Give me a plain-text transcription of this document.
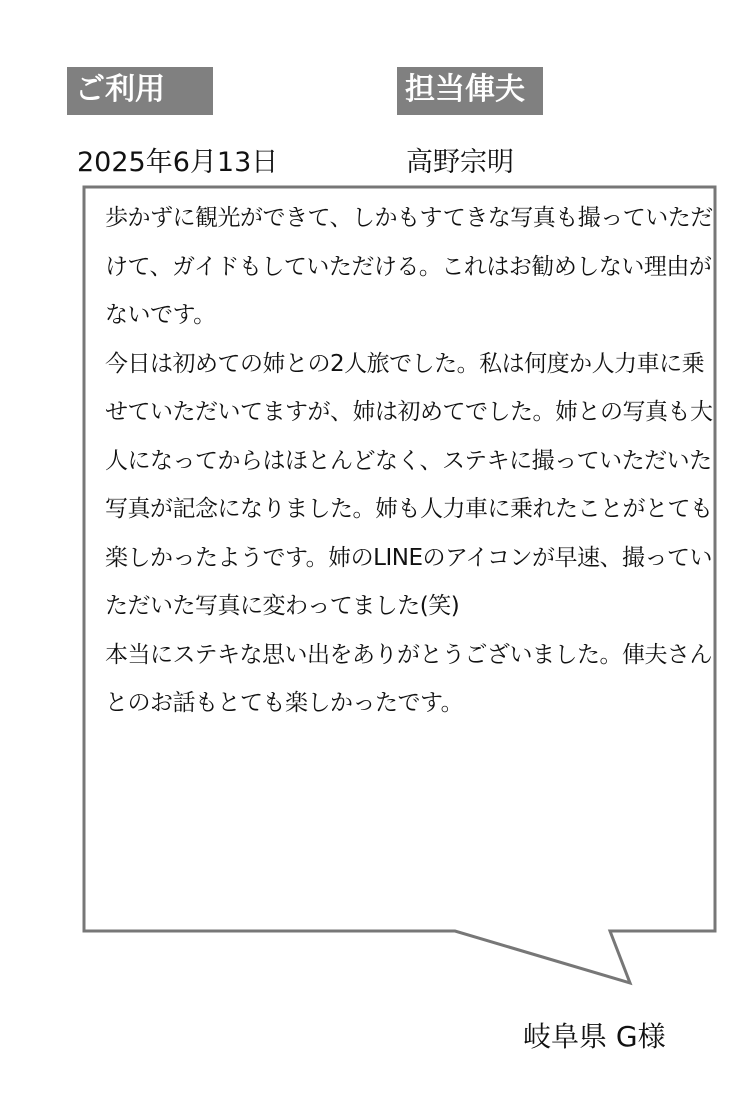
ご利用	担当俥夫
2025年6月13日	高野宗明

歩かずに観光ができて、しかもすてきな写真も撮っていただけて、ガイドもしていただける。これはお勧めしない理由がないです。

今日は初めての姉との2人旅でした。私は何度か人力車に乗せていただいてますが、姉は初めてでした。姉との写真も大人になってからはほとんどなく、ステキに撮っていただいた写真が記念になりました。姉も人力車に乗れたことがとても楽しかったようです。姉のLINEのアイコンが早速、撮っていただいた写真に変わってました(笑)

本当にステキな思い出をありがとうございました。俥夫さんとのお話もとても楽しかったです。

岐阜県 G様
